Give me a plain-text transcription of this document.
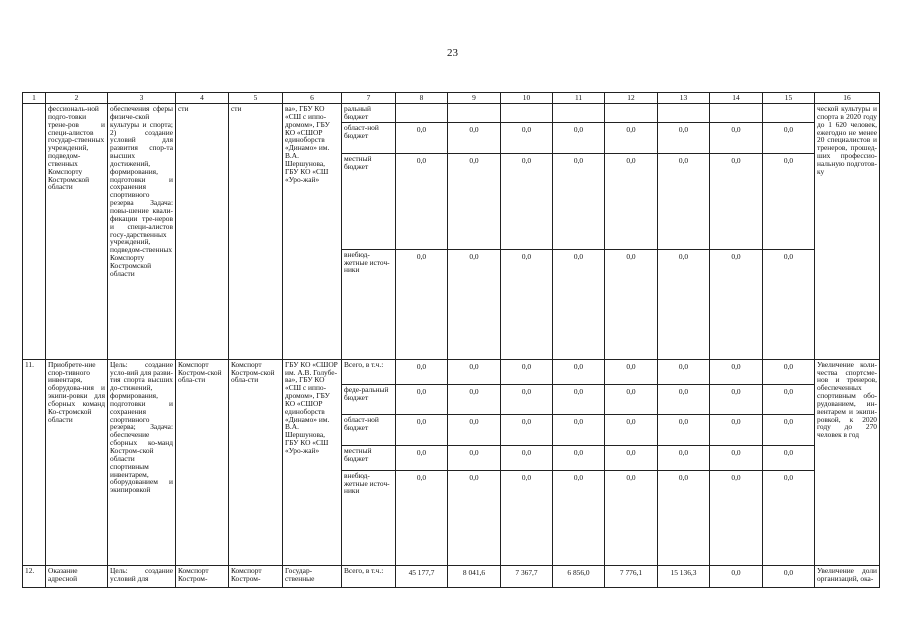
23
1	2	3	4	5	6	7	8	9	10	11	12	13	14	15	16
	фессиональ-ной подго-товки трене-ров и специ-алистов государ-ственных учреждений, подведом-ственных Комспорту Костромской области	обеспечения сферы физиче-ской культуры и спорта; 2) создание условий для развития спор-та высших достижений, формирования, подготовки и сохранения спортивного резерва Задача: повы-шение квали-фикации тре-неров и специ-алистов госу-дарственных учреждений, подведом-ственных Комспорту Костромской области	сти	сти	ва», ГБУ КО «СШ с иппо-дромом», ГБУ КО «СШОР единоборств «Динамо» им. В.А. Шершунова, ГБУ КО «СШ «Уро-жай»	ральный бюджет									ческой культуры и спорта в 2020 году до 1 620 человек, ежегодно не менее 20 специалистов и тренеров, прошед-ших профессио-нальную подготов-ку
						област-ной бюджет	0,0	0,0	0,0	0,0	0,0	0,0	0,0	0,0	
						местный бюджет	0,0	0,0	0,0	0,0	0,0	0,0	0,0	0,0	
						внебюд-жетные источ-ники	0,0	0,0	0,0	0,0	0,0	0,0	0,0	0,0	
11.	Приобрете-ние спор-тивного инвентаря, оборудова-ния и экипи-ровки для сборных команд Ко-стромской области	Цель: создание усло-вий для разви-тия спорта высших до-стижений, формирования, подготовки и сохранения спортивного резерва; Задача: обеспечение сборных ко-манд Костром-ской области спортивным инвентарем, оборудованием и экипировкой	Комспорт Костром-ской обла-сти	Комспорт Костром-ской обла-сти	ГБУ КО «СШОР им. А.В. Голубе-ва», ГБУ КО «СШ с иппо-дромом», ГБУ КО «СШОР единоборств «Динамо» им. В.А. Шершунова, ГБУ КО «СШ «Уро-жай»	Всего, в т.ч.:	0,0	0,0	0,0	0,0	0,0	0,0	0,0	0,0	Увеличение коли-чества спортсме-нов и тренеров, обеспеченных спортивным обо-рудованием, ин-вентарем и экипи-ровкой, к 2020 году до 270 человек в год
						феде-ральный бюджет	0,0	0,0	0,0	0,0	0,0	0,0	0,0	0,0	
						област-ной бюджет	0,0	0,0	0,0	0,0	0,0	0,0	0,0	0,0	
						местный бюджет	0,0	0,0	0,0	0,0	0,0	0,0	0,0	0,0	
						внебюд-жетные источ-ники	0,0	0,0	0,0	0,0	0,0	0,0	0,0	0,0	
12.	Оказание адресной	Цель: создание условий для	Комспорт Костром-	Комспорт Костром-	Государ-ственные	Всего, в т.ч.:	45 177,7	8 041,6	7 367,7	6 856,0	7 776,1	15 136,3	0,0	0,0	Увеличение доли организаций, ока-
